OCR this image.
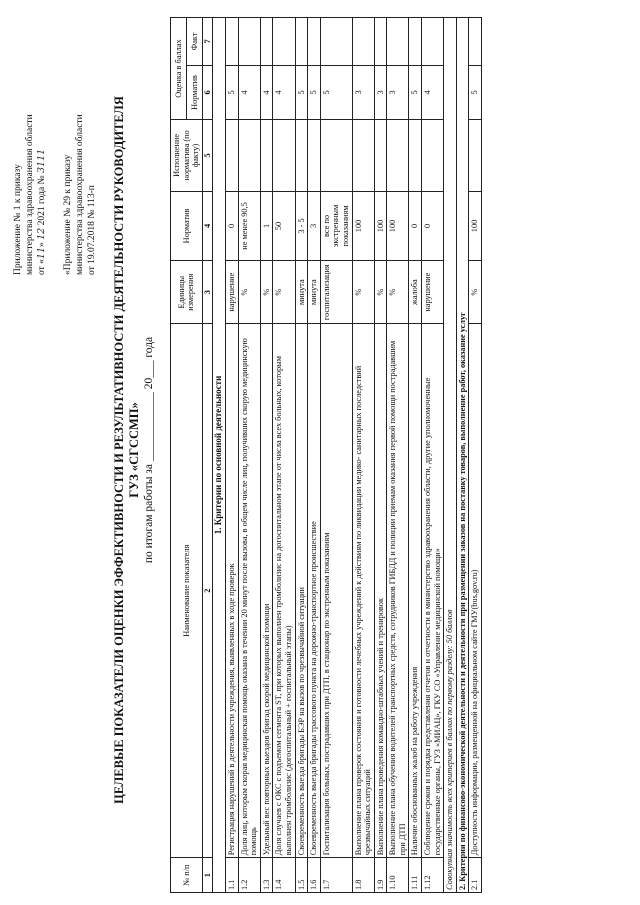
Приложение № 1 к приказу министерства здравоохранения области от «11» 12 2021 года № 3111 «Приложение № 29 к приказу министерства здравоохранения области от 19.07.2018 № 113-п ЦЕЛЕВЫЕ ПОКАЗАТЕЛИ ОЦЕНКИ ЭФФЕКТИВНОСТИ И РЕЗУЛЬТАТИВНОСТИ ДЕЯТЕЛЬНОСТИ РУКОВОДИТЕЛЯ ГУЗ «СГССМП» по итогам работы за ____________ 20___ года
№ п/п	Наименование показателя	Единицы измерения	Норматив	Исполнение норматива (по факту)	Оценка в баллах	
					Норматив	Факт
1	2	3	4	5	6	7
1. Критерии по основной деятельности						
1.1	Регистрация нарушений в деятельности учреждения, выявленных в ходе проверок	нарушение	0		5	
1.2	Доля лиц, которым скорая медицинская помощь оказана в течении 20 минут после вызова, в общем числе лиц, получивших скорую медицинскую помощь	%	не менее 90,5		4	
1.3	Удельный вес повторных выездов бригад скорой медицинской помощи	%	1		4	
1.4	Доля случаев с ОКС с подъемом сегмента ST, при которых выполнен тромболизис на догоспитальном этапе от числа всех больных, которым выполнен тромболизис (догоспитальный + госпитальный этапы)	%	50		4	
1.5	Своевременность выезда бригады БЭР на вызов по чрезвычайной ситуации	минута	3 - 5		5	
1.6	Своевременность выезда бригады трассового пункта на дорожно-транспортное происшествие	минута	3		5	
1.7	Госпитализация больных, пострадавших при ДТП, в стационар по экстренным показаниям	госпитализация	все по экстренным показаниям		5	
1.8	Выполнение плана проверок состояния и готовности лечебных учреждений к действиям по ликвидации медико- санитарных последствий чрезвычайных ситуаций	%	100		3	
1.9	Выполнение плана проведения командно-штабных учений и тренировок	%	100		3	
1.10	Выполнение плана обучения водителей транспортных средств, сотрудников ГИБДД и полиции приемам оказания первой помощи пострадавшим при ДТП	%	100		3	
1.11	Наличие обоснованных жалоб на работу учреждения	жалоба	0		5	
1.12	Соблюдение сроков и порядка представления отчетов и отчетности в министерство здравоохранения области, другие уполномоченные государственные органы, ГУЗ «МИАЦ», ГКУ СО «Управление медицинской помощи»	нарушение	0		4	
Совокупная значимость всех критериев в баллах по первому разделу: 50 баллов						
2. Критерии по финансово-экономической деятельности и деятельности при размещении заказов на поставку товаров, выполнение работ, оказание услуг						
2.1	Доступность информации, размещенной на официальном сайте ГМУ(bus.gov.ru)	%	100		5	
